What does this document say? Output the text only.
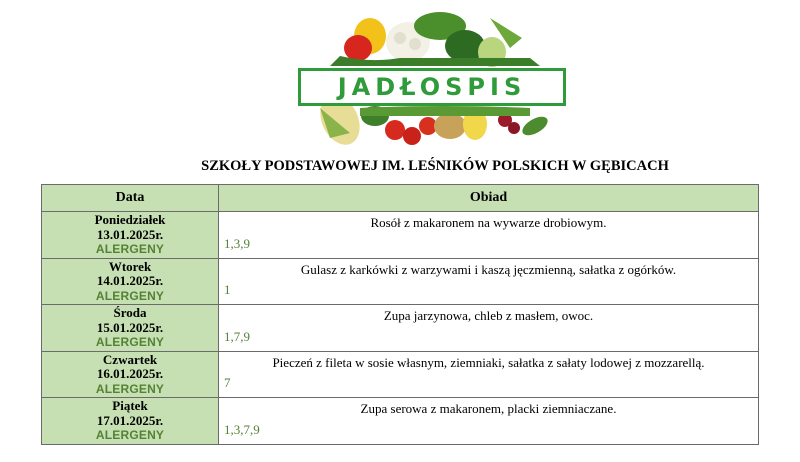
JADŁOSPIS
SZKOŁY PODSTAWOWEJ IM. LEŚNIKÓW POLSKICH W GĘBICACH
Data	Obiad
Poniedziałek
13.01.2025r.
ALERGENY	Rosół z makaronem na wywarze drobiowym.
1,3,9

Wtorek
14.01.2025r.
ALERGENY	Gulasz z karkówki z warzywami i kaszą jęczmienną, sałatka z ogórków.
1

Środa
15.01.2025r.
ALERGENY	Zupa jarzynowa, chleb z masłem, owoc.
1,7,9

Czwartek
16.01.2025r.
ALERGENY	Pieczeń z fileta w sosie własnym, ziemniaki, sałatka z sałaty lodowej z mozzarellą.
7

Piątek
17.01.2025r.
ALERGENY	Zupa serowa z makaronem, placki ziemniaczane.
1,3,7,9
